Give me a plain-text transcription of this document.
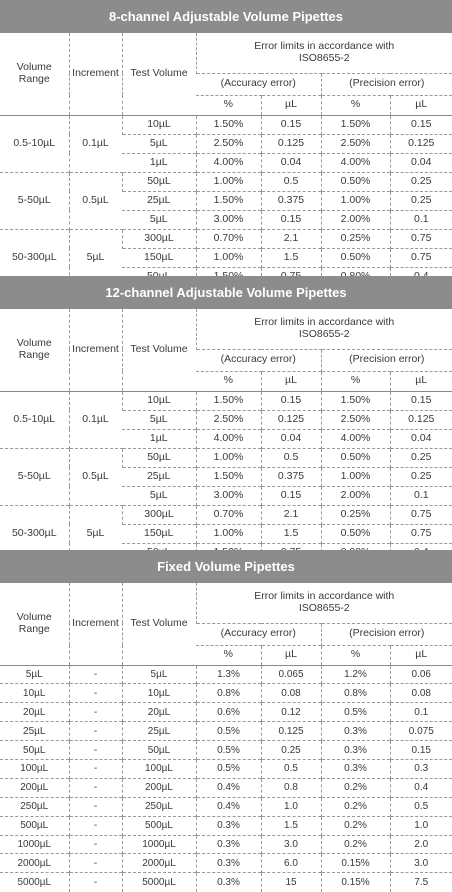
8-channel Adjustable Volume Pipettes
Volume Range	Increment	Test Volume	Error limits in accordance with ISO8655-2			
			(Accuracy error)		(Precision error)	
			%	µL	%	µL
0.5-10µL	0.1µL	10µL	1.50%	0.15	1.50%	0.15
		5µL	2.50%	0.125	2.50%	0.125
		1µL	4.00%	0.04	4.00%	0.04
5-50µL	0.5µL	50µL	1.00%	0.5	0.50%	0.25
		25µL	1.50%	0.375	1.00%	0.25
		5µL	3.00%	0.15	2.00%	0.1
50-300µL	5µL	300µL	0.70%	2.1	0.25%	0.75
		150µL	1.00%	1.5	0.50%	0.75

12-channel Adjustable Volume Pipettes
Volume Range	Increment	Test Volume	Error limits in accordance with ISO8655-2			
			(Accuracy error)		(Precision error)	
			%	µL	%	µL
0.5-10µL	0.1µL	10µL	1.50%	0.15	1.50%	0.15
		5µL	2.50%	0.125	2.50%	0.125
		1µL	4.00%	0.04	4.00%	0.04
5-50µL	0.5µL	50µL	1.00%	0.5	0.50%	0.25
		25µL	1.50%	0.375	1.00%	0.25
		5µL	3.00%	0.15	2.00%	0.1
50-300µL	5µL	300µL	0.70%	2.1	0.25%	0.75
		150µL	1.00%	1.5	0.50%	0.75

Fixed Volume Pipettes
Volume Range	Increment	Test Volume	Error limits in accordance with ISO8655-2			
			(Accuracy error)		(Precision error)	
			%	µL	%	µL
5µL	-	5µL	1.3%	0.065	1.2%	0.06
10µL	-	10µL	0.8%	0.08	0.8%	0.08
20µL	-	20µL	0.6%	0.12	0.5%	0.1
25µL	-	25µL	0.5%	0.125	0.3%	0.075
50µL	-	50µL	0.5%	0.25	0.3%	0.15
100µL	-	100µL	0.5%	0.5	0.3%	0.3
200µL	-	200µL	0.4%	0.8	0.2%	0.4
250µL	-	250µL	0.4%	1.0	0.2%	0.5
500µL	-	500µL	0.3%	1.5	0.2%	1.0
1000µL	-	1000µL	0.3%	3.0	0.2%	2.0
2000µL	-	2000µL	0.3%	6.0	0.15%	3.0
5000µL	-	5000µL	0.3%	15	0.15%	7.5
